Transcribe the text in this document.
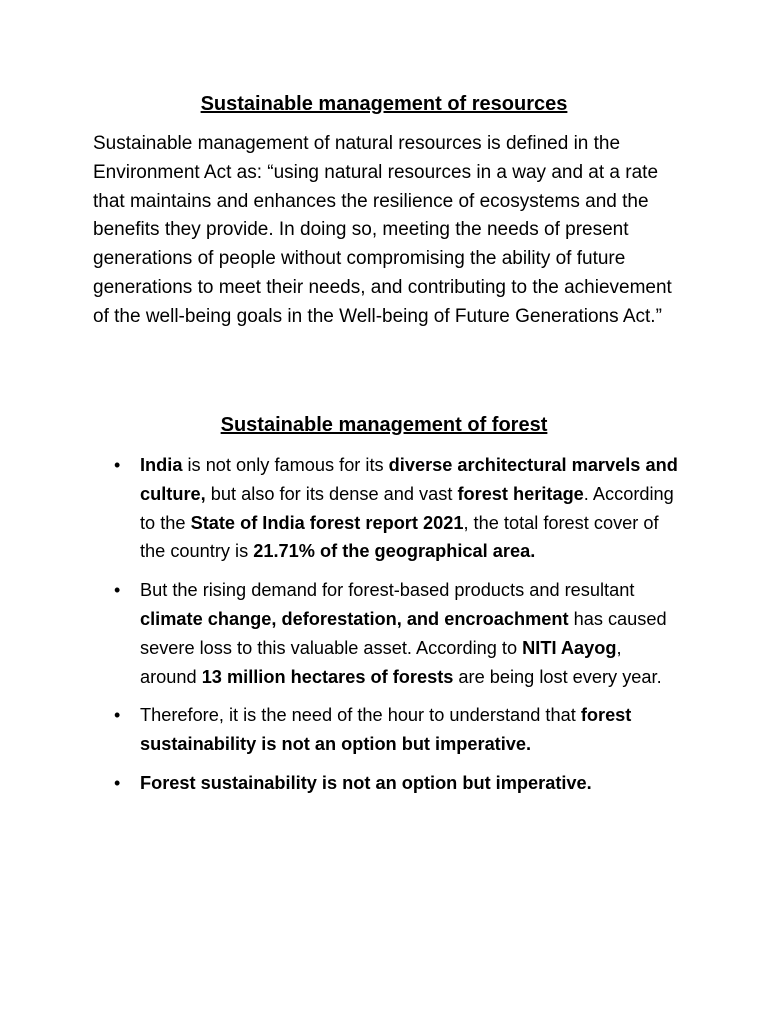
Sustainable management of resources

Sustainable management of natural resources is defined in the Environment Act as: “using natural resources in a way and at a rate that maintains and enhances the resilience of ecosystems and the benefits they provide. In doing so, meeting the needs of present generations of people without compromising the ability of future generations to meet their needs, and contributing to the achievement of the well-being goals in the Well-being of Future Generations Act.”

Sustainable management of forest
•	India is not only famous for its diverse architectural marvels and culture, but also for its dense and vast forest heritage. According to the State of India forest report 2021, the total forest cover of the country is 21.71% of the geographical area.
•	But the rising demand for forest-based products and resultant climate change, deforestation, and encroachment has caused severe loss to this valuable asset. According to NITI Aayog, around 13 million hectares of forests are being lost every year.
•	Therefore, it is the need of the hour to understand that forest sustainability is not an option but imperative.
•	Forest sustainability is not an option but imperative.
